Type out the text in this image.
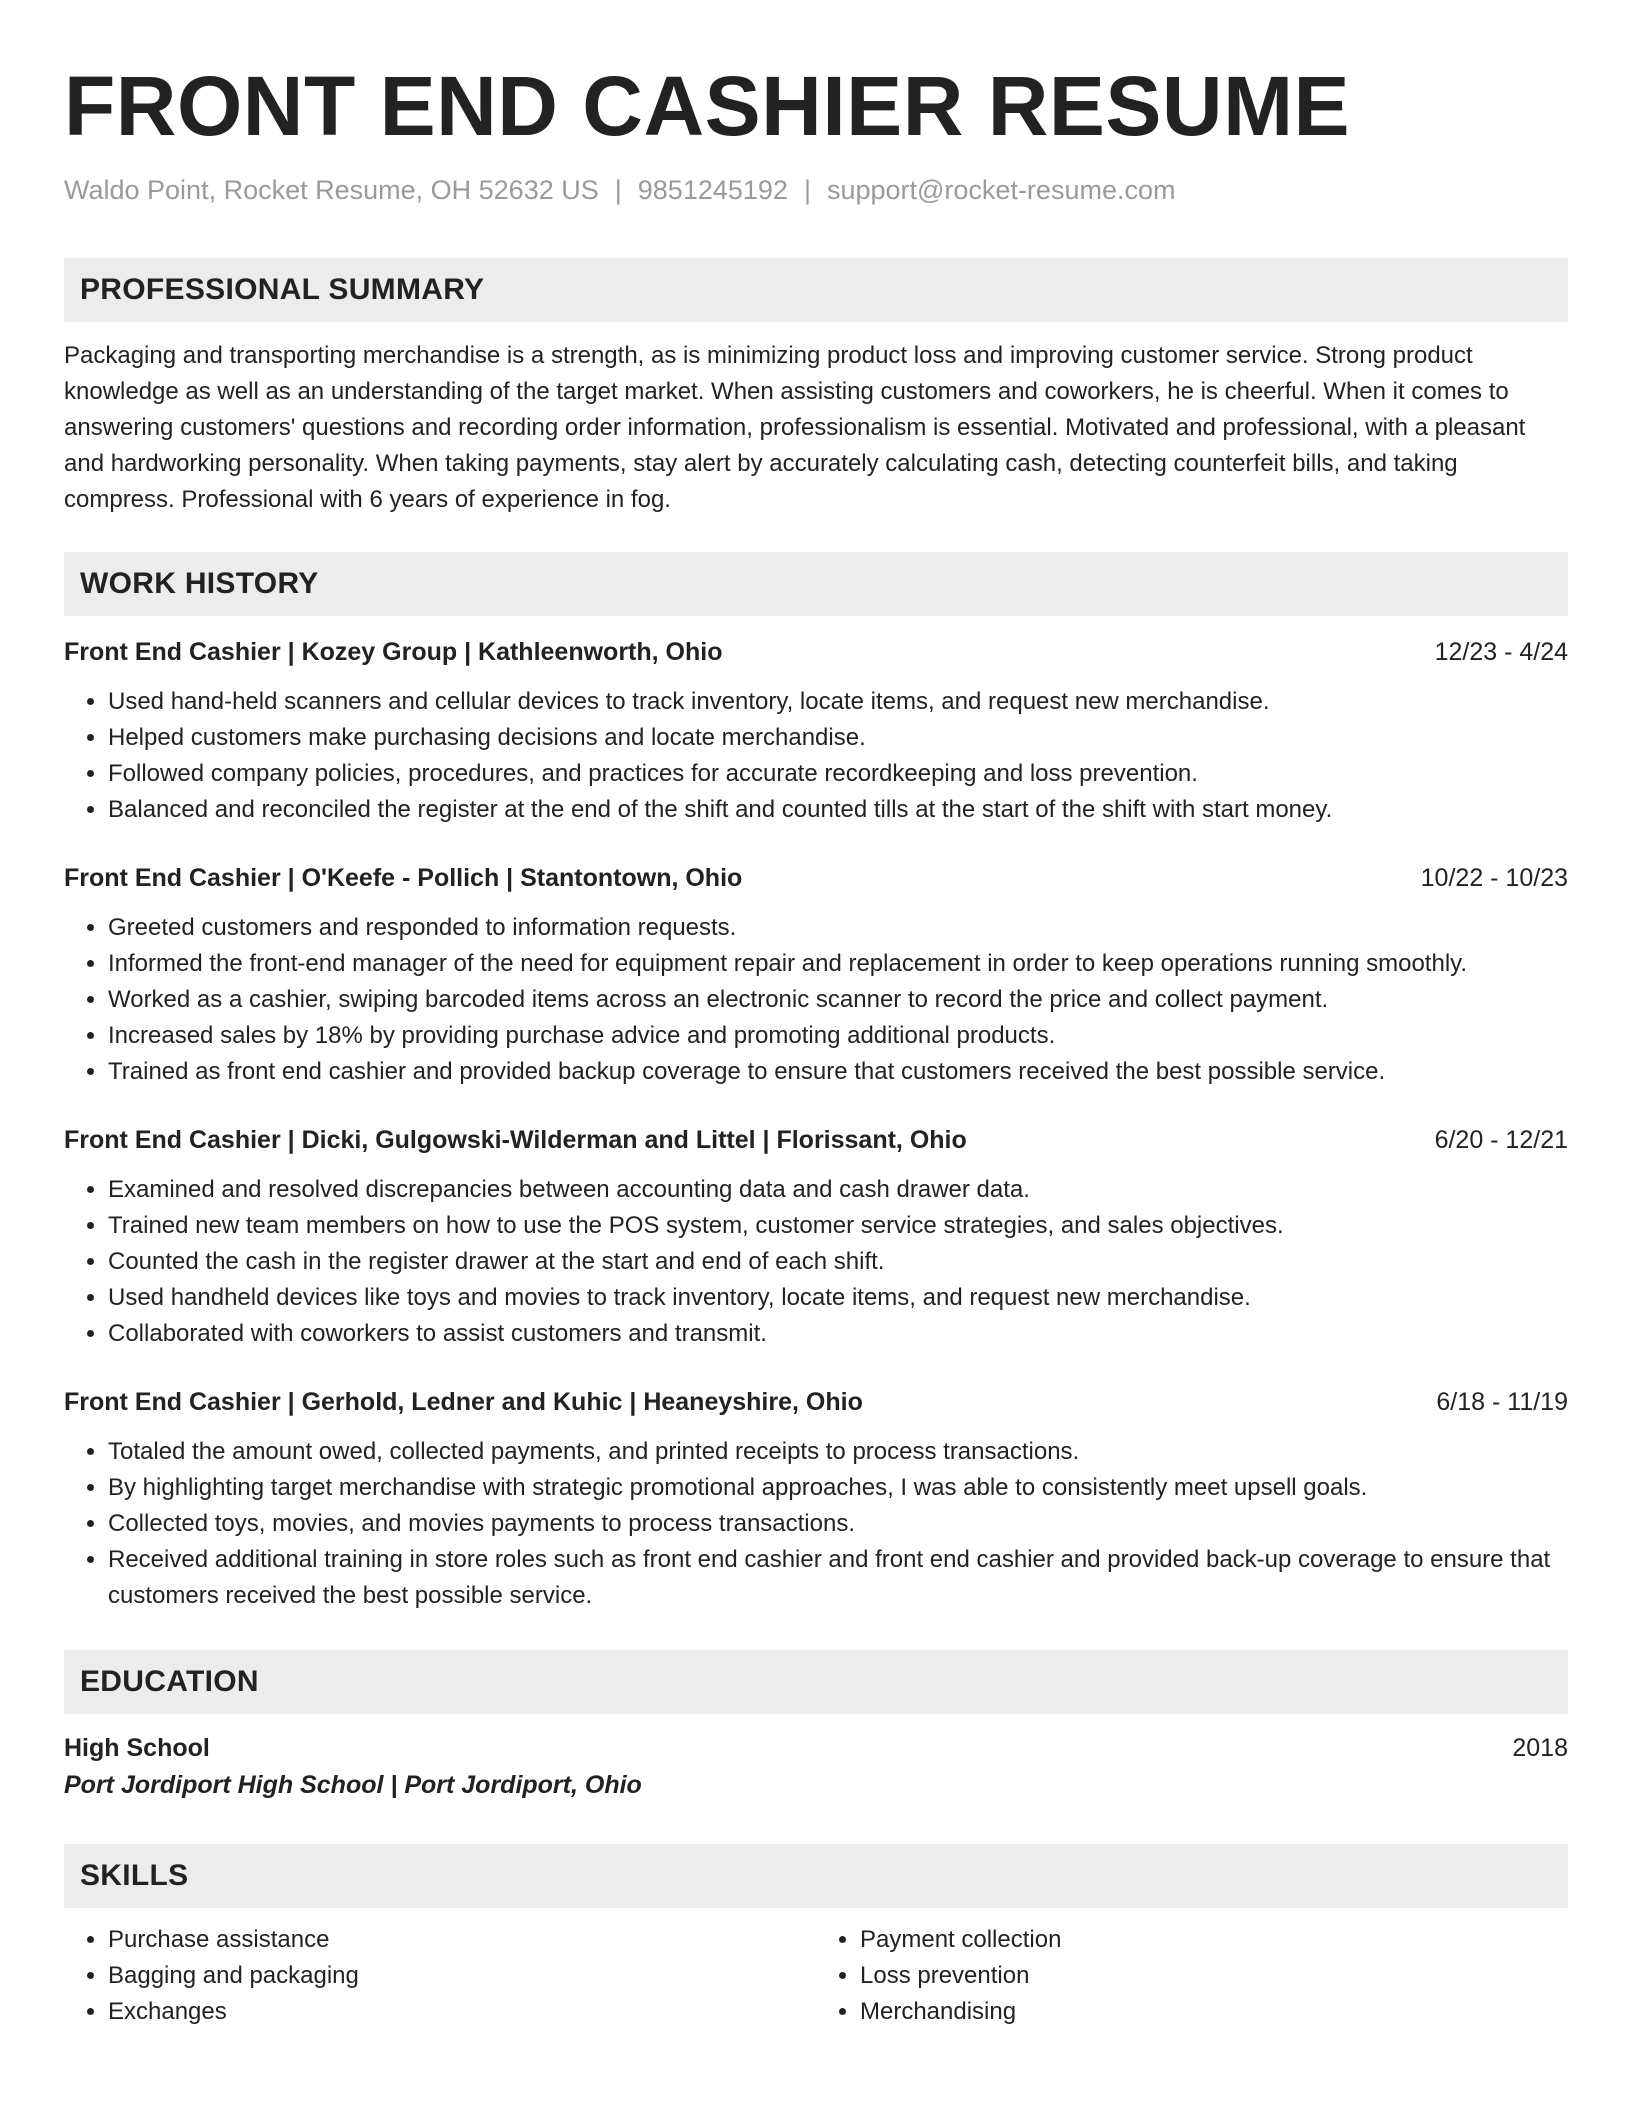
FRONT END CASHIER RESUME
Waldo Point, Rocket Resume, OH 52632 US | 9851245192 | support@rocket-resume.com
PROFESSIONAL SUMMARY
Packaging and transporting merchandise is a strength, as is minimizing product loss and improving customer service. Strong product knowledge as well as an understanding of the target market. When assisting customers and coworkers, he is cheerful. When it comes to answering customers' questions and recording order information, professionalism is essential. Motivated and professional, with a pleasant and hardworking personality. When taking payments, stay alert by accurately calculating cash, detecting counterfeit bills, and taking compress. Professional with 6 years of experience in fog.
WORK HISTORY
Front End Cashier | Kozey Group | Kathleenworth, Ohio	12/23 - 4/24
• Used hand-held scanners and cellular devices to track inventory, locate items, and request new merchandise.
• Helped customers make purchasing decisions and locate merchandise.
• Followed company policies, procedures, and practices for accurate recordkeeping and loss prevention.
• Balanced and reconciled the register at the end of the shift and counted tills at the start of the shift with start money.
Front End Cashier | O'Keefe - Pollich | Stantontown, Ohio	10/22 - 10/23
• Greeted customers and responded to information requests.
• Informed the front-end manager of the need for equipment repair and replacement in order to keep operations running smoothly.
• Worked as a cashier, swiping barcoded items across an electronic scanner to record the price and collect payment.
• Increased sales by 18% by providing purchase advice and promoting additional products.
• Trained as front end cashier and provided backup coverage to ensure that customers received the best possible service.
Front End Cashier | Dicki, Gulgowski-Wilderman and Littel | Florissant, Ohio	6/20 - 12/21
• Examined and resolved discrepancies between accounting data and cash drawer data.
• Trained new team members on how to use the POS system, customer service strategies, and sales objectives.
• Counted the cash in the register drawer at the start and end of each shift.
• Used handheld devices like toys and movies to track inventory, locate items, and request new merchandise.
• Collaborated with coworkers to assist customers and transmit.
Front End Cashier | Gerhold, Ledner and Kuhic | Heaneyshire, Ohio	6/18 - 11/19
• Totaled the amount owed, collected payments, and printed receipts to process transactions.
• By highlighting target merchandise with strategic promotional approaches, I was able to consistently meet upsell goals.
• Collected toys, movies, and movies payments to process transactions.
• Received additional training in store roles such as front end cashier and front end cashier and provided back-up coverage to ensure that customers received the best possible service.
EDUCATION
High School	2018
Port Jordiport High School | Port Jordiport, Ohio
SKILLS
• Purchase assistance
• Bagging and packaging
• Exchanges
• Payment collection
• Loss prevention
• Merchandising
